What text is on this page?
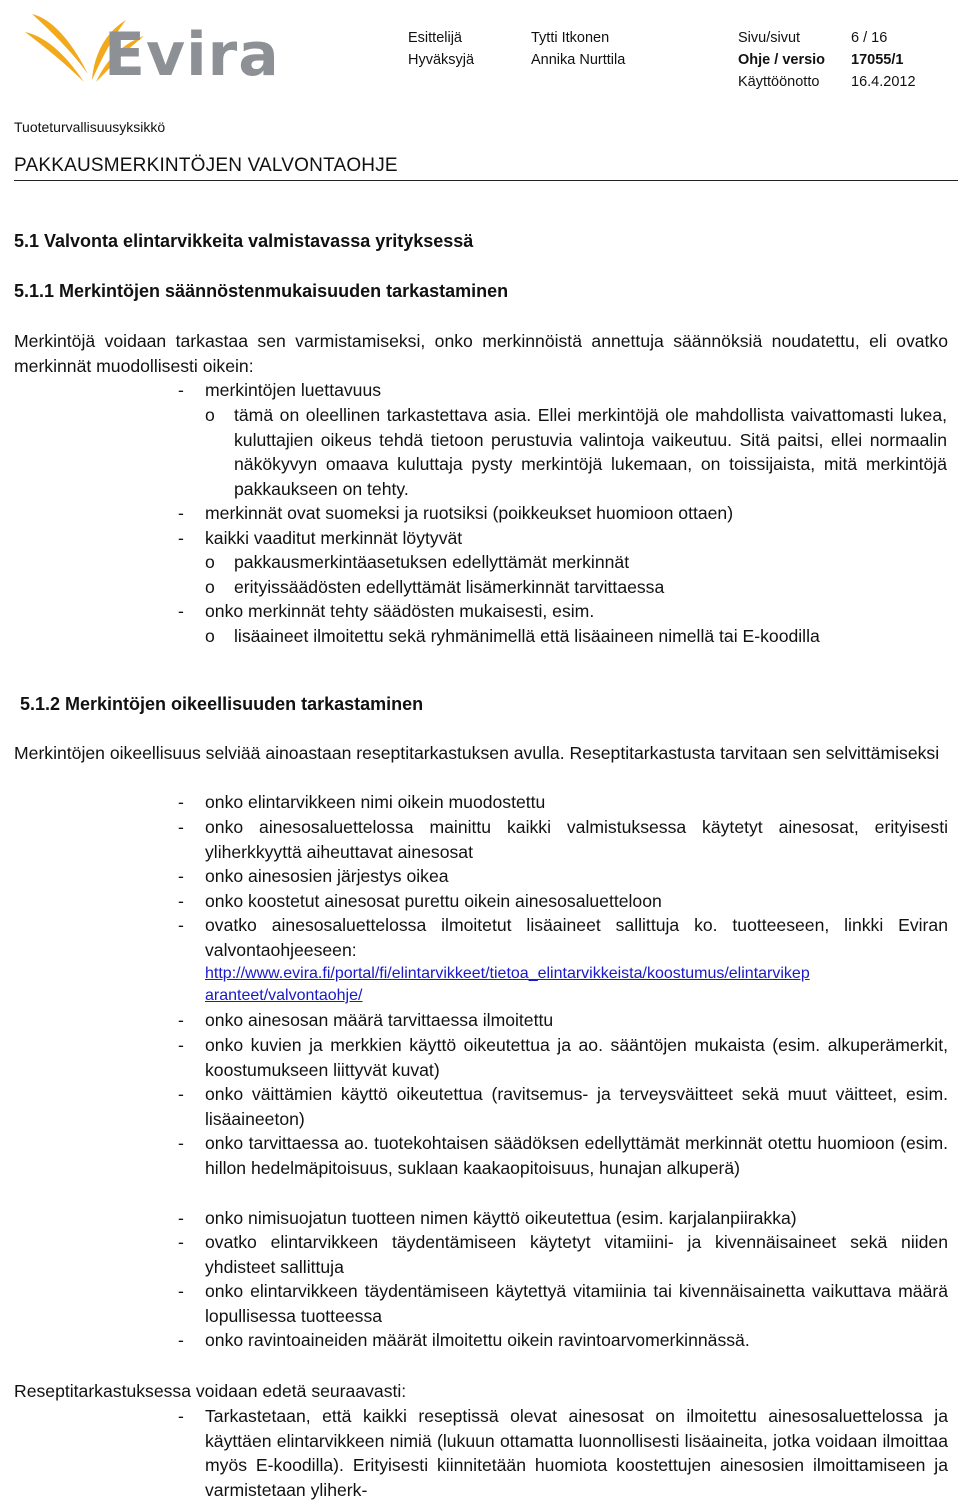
Evira	Esittelijä	Tytti Itkonen	Sivu/sivut	6 / 16
Hyväksyjä	Annika Nurttila	Ohje / versio 17055/1
Käyttöönotto 16.4.2012
Tuoteturvallisuusyksikkö
PAKKAUSMERKINTÖJEN VALVONTAOHJE
5.1 Valvonta elintarvikkeita valmistavassa yrityksessä
5.1.1 Merkintöjen säännöstenmukaisuuden tarkastaminen
Merkintöjä voidaan tarkastaa sen varmistamiseksi, onko merkinnöistä annettuja säännöksiä noudatettu, eli ovatko merkinnät muodollisesti oikein:
- merkintöjen luettavuus
o tämä on oleellinen tarkastettava asia. Ellei merkintöjä ole mahdollista vaivattomasti lukea, kuluttajien oikeus tehdä tietoon perustuvia valintoja vaikeutuu. Sitä paitsi, ellei normaalin näkökyvyn omaava kuluttaja pysty merkintöjä lukemaan, on toissijaista, mitä merkintöjä pakkaukseen on tehty.
- merkinnät ovat suomeksi ja ruotsiksi (poikkeukset huomioon ottaen)
- kaikki vaaditut merkinnät löytyvät
o pakkausmerkintäasetuksen edellyttämät merkinnät
o erityissäädösten edellyttämät lisämerkinnät tarvittaessa
- onko merkinnät tehty säädösten mukaisesti, esim.
o lisäaineet ilmoitettu sekä ryhmänimellä että lisäaineen nimellä tai E-koodilla
5.1.2 Merkintöjen oikeellisuuden tarkastaminen
Merkintöjen oikeellisuus selviää ainoastaan reseptitarkastuksen avulla. Reseptitarkastusta tarvitaan sen selvittämiseksi
- onko elintarvikkeen nimi oikein muodostettu
- onko ainesosaluettelossa mainittu kaikki valmistuksessa käytetyt ainesosat, erityisesti yliherkkyyttä aiheuttavat ainesosat
- onko ainesosien järjestys oikea
- onko koostetut ainesosat purettu oikein ainesosaluetteloon
- ovatko ainesosaluettelossa ilmoitetut lisäaineet sallittuja ko. tuotteeseen, linkki Eviran valvontaohjeeseen:
http://www.evira.fi/portal/fi/elintarvikkeet/tietoa_elintarvikkeista/koostumus/elintarvikep
aranteet/valvontaohje/
- onko ainesosan määrä tarvittaessa ilmoitettu
- onko kuvien ja merkkien käyttö oikeutettua ja ao. sääntöjen mukaista (esim. alkuperämerkit, koostumukseen liittyvät kuvat)
- onko väittämien käyttö oikeutettua (ravitsemus- ja terveysväitteet sekä muut väitteet, esim. lisäaineeton)
- onko tarvittaessa ao. tuotekohtaisen säädöksen edellyttämät merkinnät otettu huomioon (esim. hillon hedelmäpitoisuus, suklaan kaakaopitoisuus, hunajan alkuperä)
- onko nimisuojatun tuotteen nimen käyttö oikeutettua (esim. karjalanpiirakka)
- ovatko elintarvikkeen täydentämiseen käytetyt vitamiini- ja kivennäisaineet sekä niiden yhdisteet sallittuja
- onko elintarvikkeen täydentämiseen käytettyä vitamiinia tai kivennäisainetta vaikuttava määrä lopullisessa tuotteessa
- onko ravintoaineiden määrät ilmoitettu oikein ravintoarvomerkinnässä.
Reseptitarkastuksessa voidaan edetä seuraavasti:
- Tarkastetaan, että kaikki reseptissä olevat ainesosat on ilmoitettu ainesosaluettelossa ja käyttäen elintarvikkeen nimiä (lukuun ottamatta luonnollisesti lisäaineita, jotka voidaan ilmoittaa myös E-koodilla). Erityisesti kiinnitetään huomiota koostettujen ainesosien ilmoittamiseen ja varmistetaan yliherk-
